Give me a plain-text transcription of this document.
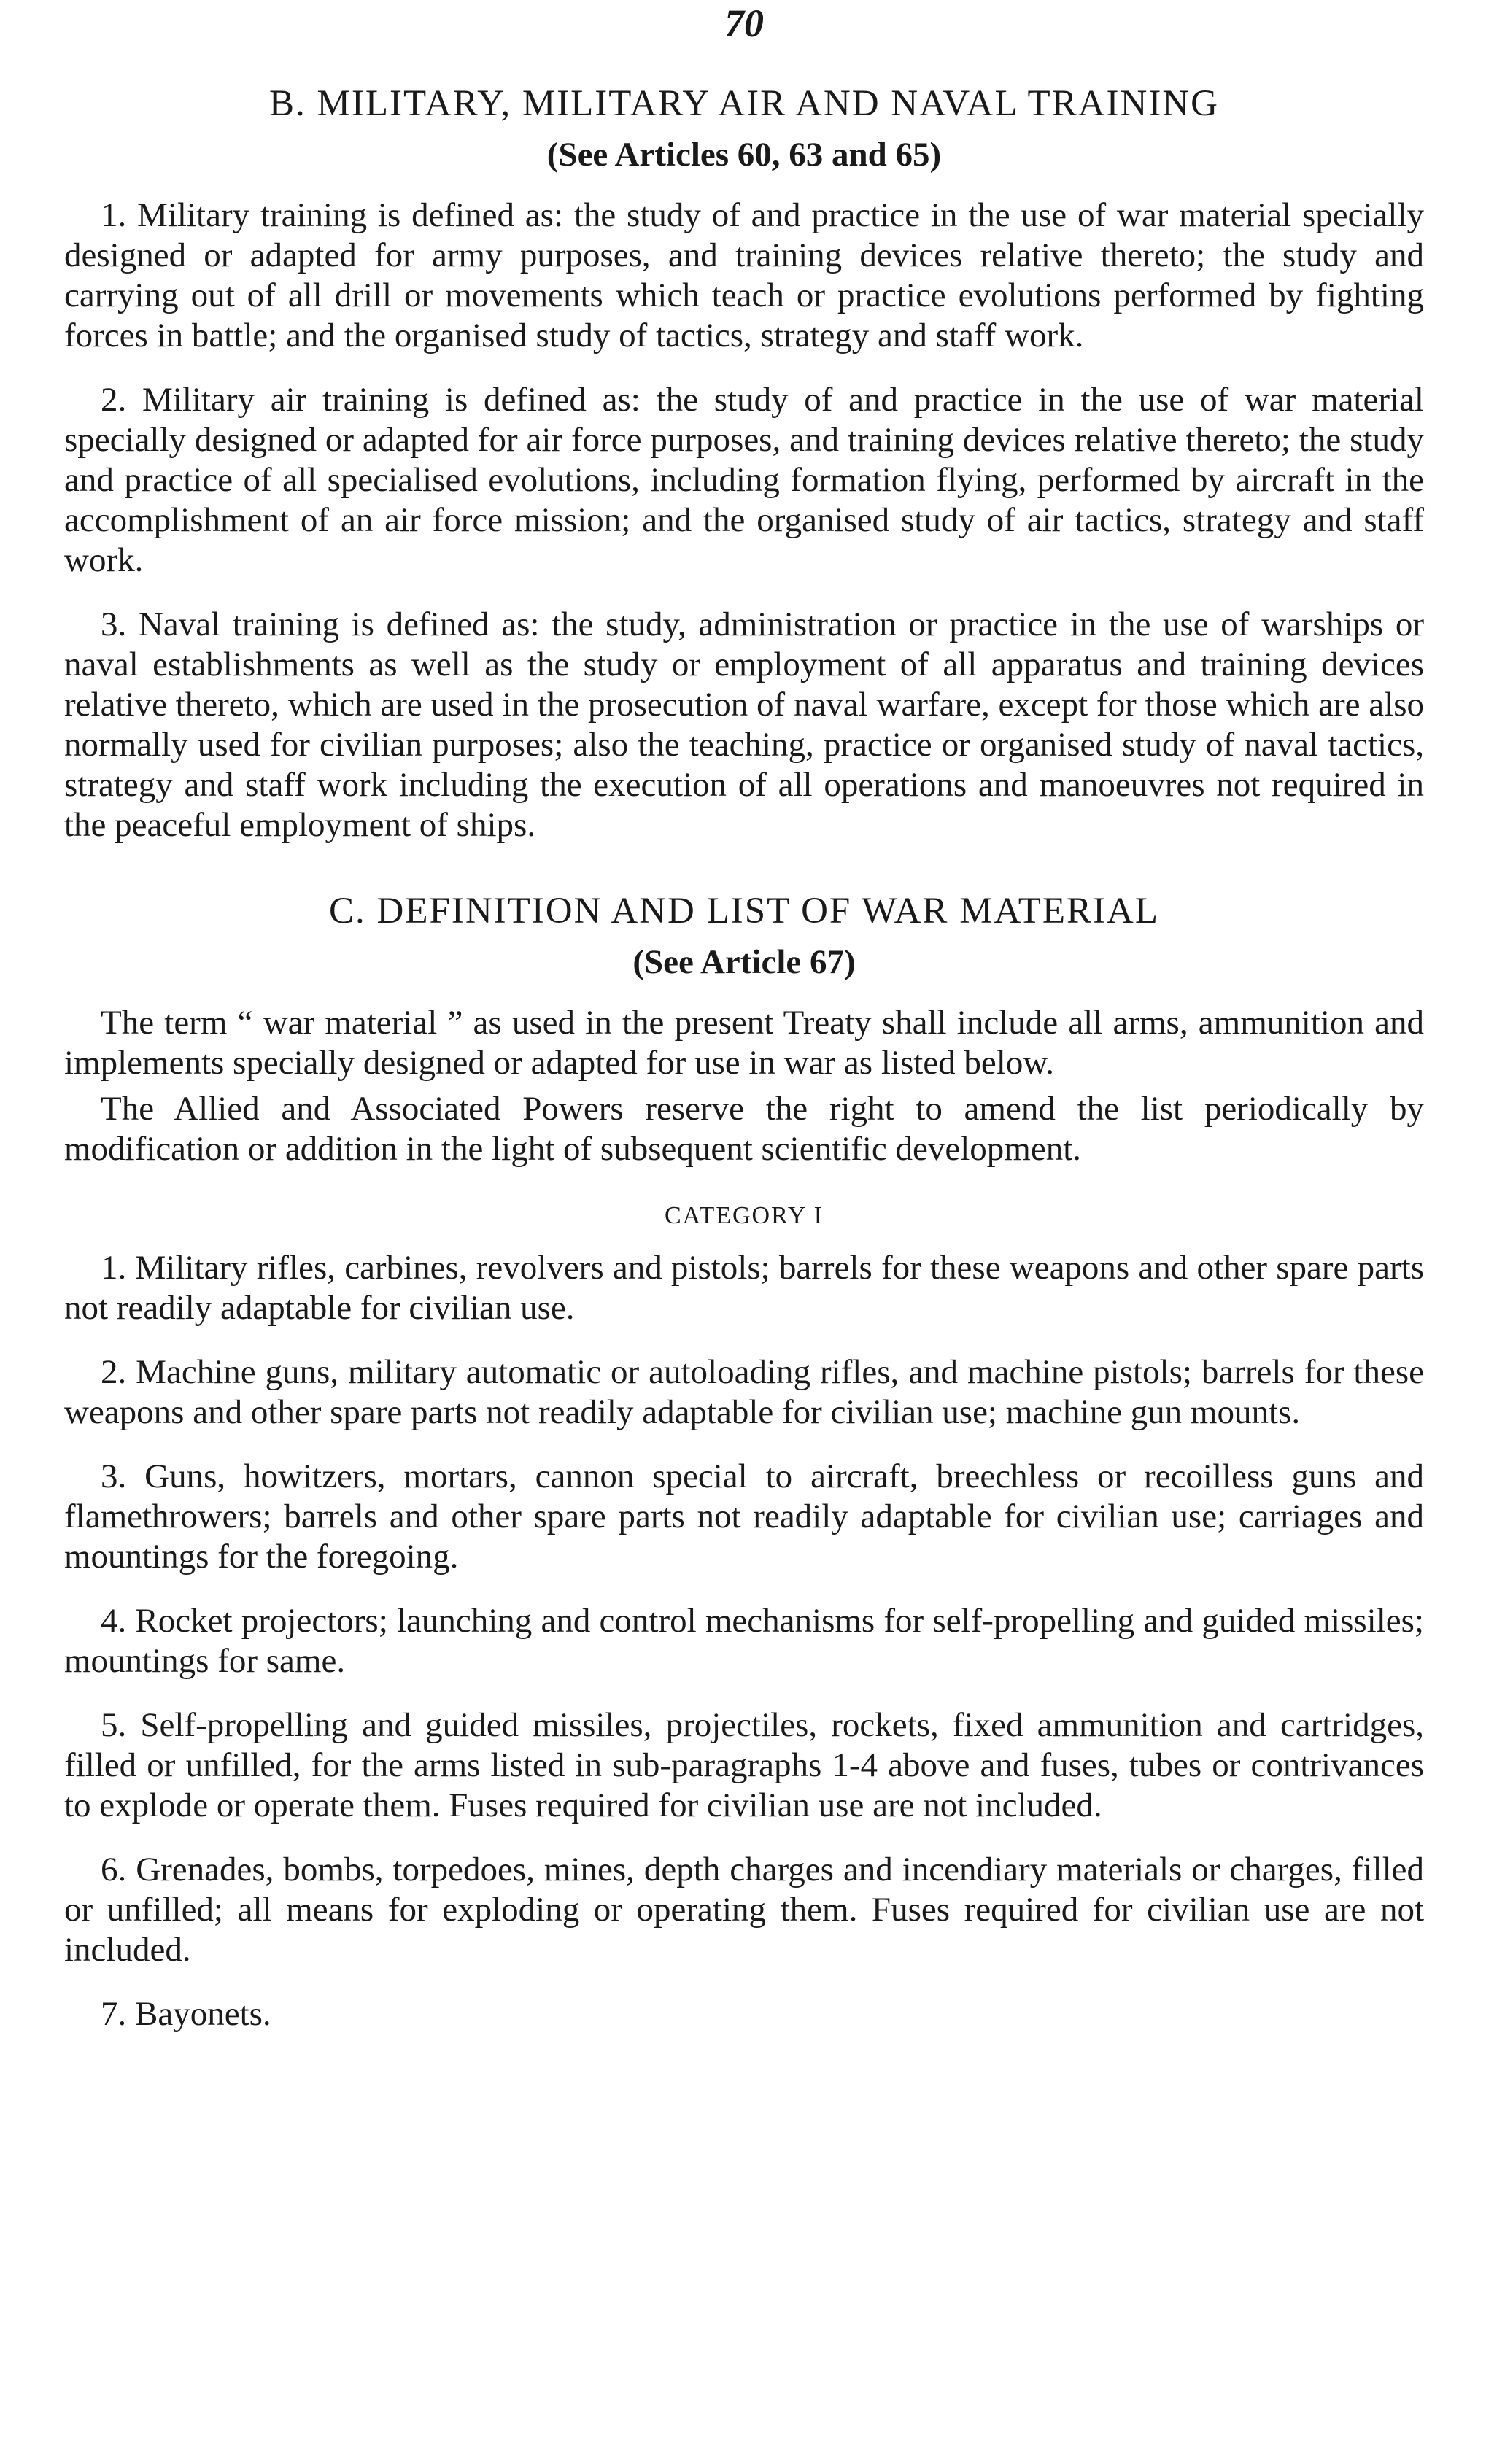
70
B. MILITARY, MILITARY AIR AND NAVAL TRAINING
(See Articles 60, 63 and 65)

1. Military training is defined as: the study of and practice in the use of war material specially designed or adapted for army purposes, and training devices relative thereto; the study and carrying out of all drill or movements which teach or practice evolutions performed by fighting forces in battle; and the organised study of tactics, strategy and staff work.

2. Military air training is defined as: the study of and practice in the use of war material specially designed or adapted for air force purposes, and training devices relative thereto; the study and practice of all specialised evolutions, including formation flying, performed by aircraft in the accomplishment of an air force mission; and the organised study of air tactics, strategy and staff work.

3. Naval training is defined as: the study, administration or practice in the use of warships or naval establishments as well as the study or employment of all apparatus and training devices relative thereto, which are used in the prosecution of naval warfare, except for those which are also normally used for civilian purposes; also the teaching, practice or organised study of naval tactics, strategy and staff work including the execution of all operations and manoeuvres not required in the peaceful employment of ships.

C. DEFINITION AND LIST OF WAR MATERIAL
(See Article 67)

The term “ war material ” as used in the present Treaty shall include all arms, ammunition and implements specially designed or adapted for use in war as listed below.

The Allied and Associated Powers reserve the right to amend the list periodically by modification or addition in the light of subsequent scientific development.

CATEGORY I

1. Military rifles, carbines, revolvers and pistols; barrels for these weapons and other spare parts not readily adaptable for civilian use.

2. Machine guns, military automatic or autoloading rifles, and machine pistols; barrels for these weapons and other spare parts not readily adaptable for civilian use; machine gun mounts.

3. Guns, howitzers, mortars, cannon special to aircraft, breechless or recoilless guns and flamethrowers; barrels and other spare parts not readily adaptable for civilian use; carriages and mountings for the foregoing.

4. Rocket projectors; launching and control mechanisms for self-propelling and guided missiles; mountings for same.

5. Self-propelling and guided missiles, projectiles, rockets, fixed ammunition and cartridges, filled or unfilled, for the arms listed in sub-paragraphs 1-4 above and fuses, tubes or contrivances to explode or operate them. Fuses required for civilian use are not included.

6. Grenades, bombs, torpedoes, mines, depth charges and incendiary materials or charges, filled or unfilled; all means for exploding or operating them. Fuses required for civilian use are not included.

7. Bayonets.
